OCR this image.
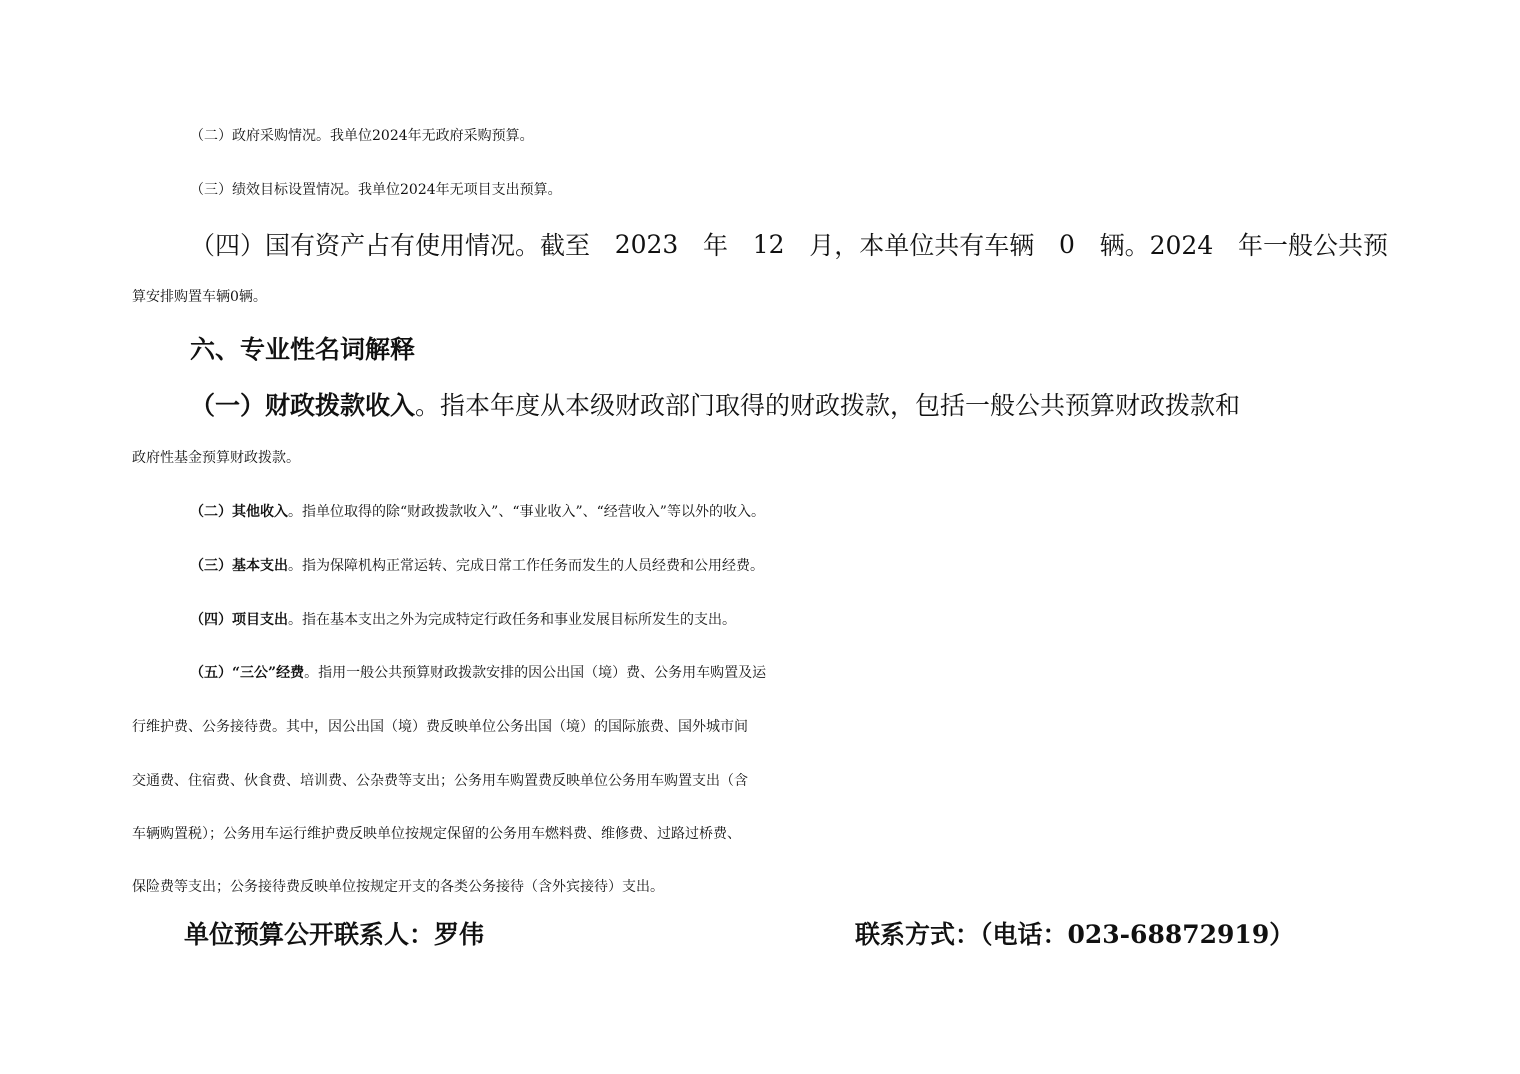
（二）政府采购情况。我单位2024年无政府采购预算。
（三）绩效目标设置情况。我单位2024年无项目支出预算。
（四）国有资产占有使用情况。截至 2023 年 12 月，本单位共有车辆 0 辆。2024 年一般公共预
算安排购置车辆0辆。
六、专业性名词解释
（一）财政拨款收入 。指本年度从本级财政部门取得的财政拨款，包括一般公共预算财政拨款和
政府性基金预算财政拨款。
（二）其他收入。指单位取得的除“财政拨款收入”、“事业收入”、“经营收入”等以外的收入。
（三）基本支出。指为保障机构正常运转、完成日常工作任务而发生的人员经费和公用经费。
（四）项目支出。指在基本支出之外为完成特定行政任务和事业发展目标所发生的支出。
（五）“三公”经费。指用一般公共预算财政拨款安排的因公出国（境）费、公务用车购置及运
行维护费、公务接待费。其中，因公出国（境）费反映单位公务出国（境）的国际旅费、国外城市间
交通费、住宿费、伙食费、培训费、公杂费等支出；公务用车购置费反映单位公务用车购置支出（含
车辆购置税）；公务用车运行维护费反映单位按规定保留的公务用车燃料费、维修费、过路过桥费、
保险费等支出；公务接待费反映单位按规定开支的各类公务接待（含外宾接待）支出。
单位预算公开联系人：罗伟	联系方式：（电话：023-68872919）
